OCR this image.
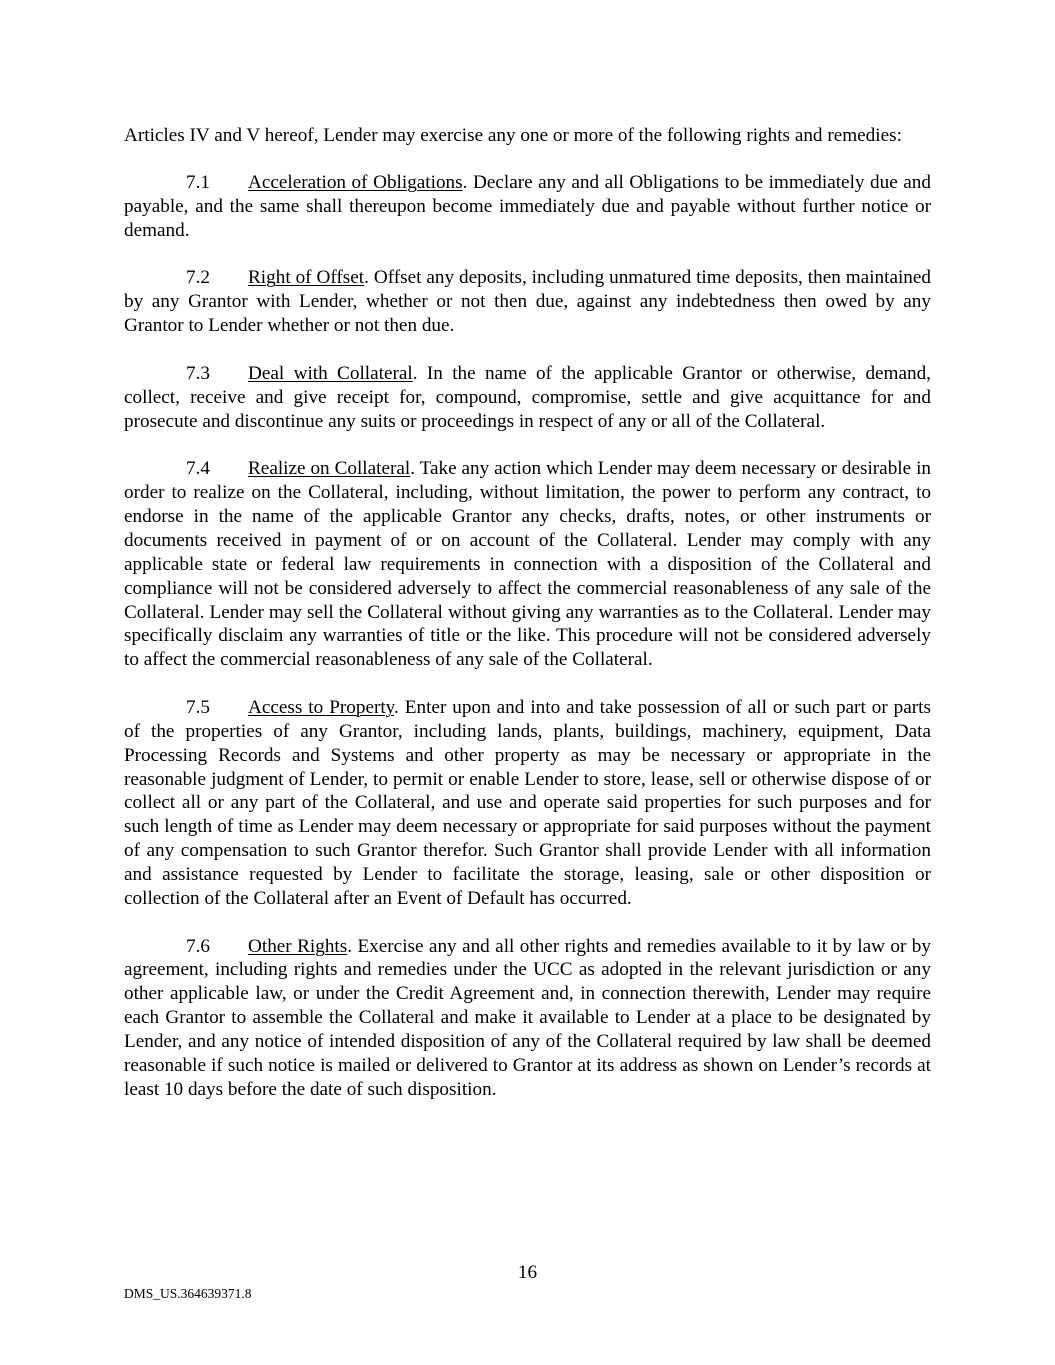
Articles IV and V hereof, Lender may exercise any one or more of the following rights and remedies:

7.1 Acceleration of Obligations. Declare any and all Obligations to be immediately due and payable, and the same shall thereupon become immediately due and payable without further notice or demand.

7.2 Right of Offset. Offset any deposits, including unmatured time deposits, then maintained by any Grantor with Lender, whether or not then due, against any indebtedness then owed by any Grantor to Lender whether or not then due.

7.3 Deal with Collateral. In the name of the applicable Grantor or otherwise, demand, collect, receive and give receipt for, compound, compromise, settle and give acquittance for and prosecute and discontinue any suits or proceedings in respect of any or all of the Collateral.

7.4 Realize on Collateral. Take any action which Lender may deem necessary or desirable in order to realize on the Collateral, including, without limitation, the power to perform any contract, to endorse in the name of the applicable Grantor any checks, drafts, notes, or other instruments or documents received in payment of or on account of the Collateral. Lender may comply with any applicable state or federal law requirements in connection with a disposition of the Collateral and compliance will not be considered adversely to affect the commercial reasonableness of any sale of the Collateral. Lender may sell the Collateral without giving any warranties as to the Collateral. Lender may specifically disclaim any warranties of title or the like. This procedure will not be considered adversely to affect the commercial reasonableness of any sale of the Collateral.

7.5 Access to Property. Enter upon and into and take possession of all or such part or parts of the properties of any Grantor, including lands, plants, buildings, machinery, equipment, Data Processing Records and Systems and other property as may be necessary or appropriate in the reasonable judgment of Lender, to permit or enable Lender to store, lease, sell or otherwise dispose of or collect all or any part of the Collateral, and use and operate said properties for such purposes and for such length of time as Lender may deem necessary or appropriate for said purposes without the payment of any compensation to such Grantor therefor. Such Grantor shall provide Lender with all information and assistance requested by Lender to facilitate the storage, leasing, sale or other disposition or collection of the Collateral after an Event of Default has occurred.

7.6 Other Rights. Exercise any and all other rights and remedies available to it by law or by agreement, including rights and remedies under the UCC as adopted in the relevant jurisdiction or any other applicable law, or under the Credit Agreement and, in connection therewith, Lender may require each Grantor to assemble the Collateral and make it available to Lender at a place to be designated by Lender, and any notice of intended disposition of any of the Collateral required by law shall be deemed reasonable if such notice is mailed or delivered to Grantor at its address as shown on Lender’s records at least 10 days before the date of such disposition.

16
DMS_US.364639371.8
